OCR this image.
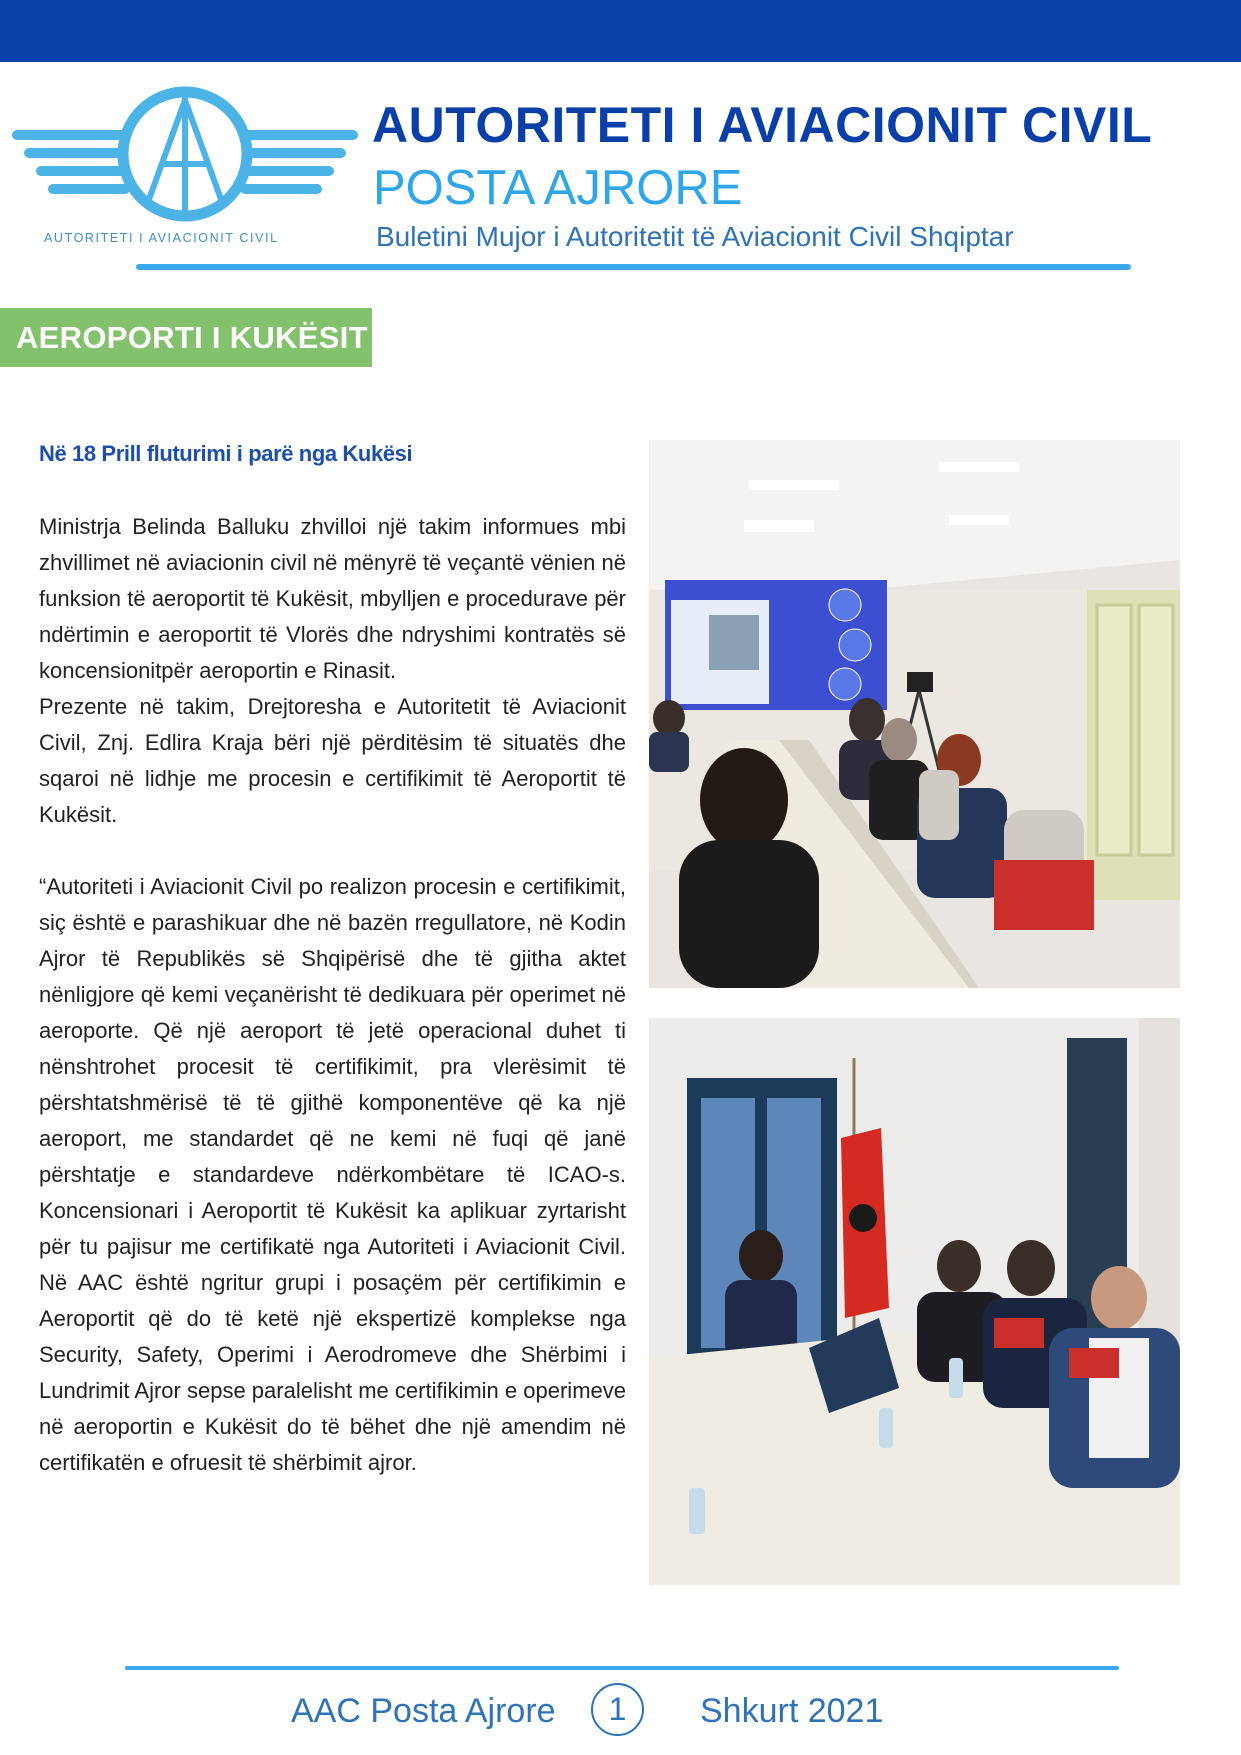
AUTORITETI I AVIACIONIT CIVIL
AUTORITETI I AVIACIONIT CIVIL
POSTA AJRORE
Buletini Mujor i Autoritetit të Aviacionit Civil Shqiptar
AEROPORTI I KUKËSIT
Në 18 Prill fluturimi i parë nga Kukësi

Ministrja Belinda Balluku zhvilloi një takim informues mbi zhvillimet në aviacionin civil në mënyrë të veçantë vënien në funksion të aeroportit të Kukësit, mbylljen e procedurave për ndërtimin e aeroportit të Vlorës dhe ndryshimi kontratës së koncensionitpër aeroportin e Rinasit.

Prezente në takim, Drejtoresha e Autoritetit të Aviacionit Civil, Znj. Edlira Kraja bëri një përditësim të situatës dhe sqaroi në lidhje me procesin e certifikimit të Aeroportit të Kukësit.

“Autoriteti i Aviacionit Civil po realizon procesin e certifikimit, siç është e parashikuar dhe në bazën rregullatore, në Kodin Ajror të Republikës së Shqipërisë dhe të gjitha aktet nënligjore që kemi veçanërisht të dedikuara për operimet në aeroporte. Që një aeroport të jetë operacional duhet ti nënshtrohet procesit të certifikimit, pra vlerësimit të përshtatshmërisë të të gjithë komponentëve që ka një aeroport, me standardet që ne kemi në fuqi që janë përshtatje e standardeve ndërkombëtare të ICAO-s. Koncensionari i Aeroportit të Kukësit ka aplikuar zyrtarisht për tu pajisur me certifikatë nga Autoriteti i Aviacionit Civil. Në AAC është ngritur grupi i posaçëm për certifikimin e Aeroportit që do të ketë një ekspertizë komplekse nga Security, Safety, Operimi i Aerodromeve dhe Shërbimi i Lundrimit Ajror sepse paralelisht me certifikimin e operimeve në aeroportin e Kukësit do të bëhet dhe një amendim në certifikatën e ofruesit të shërbimit ajror.

AAC Posta Ajrore	1	Shkurt 2021
